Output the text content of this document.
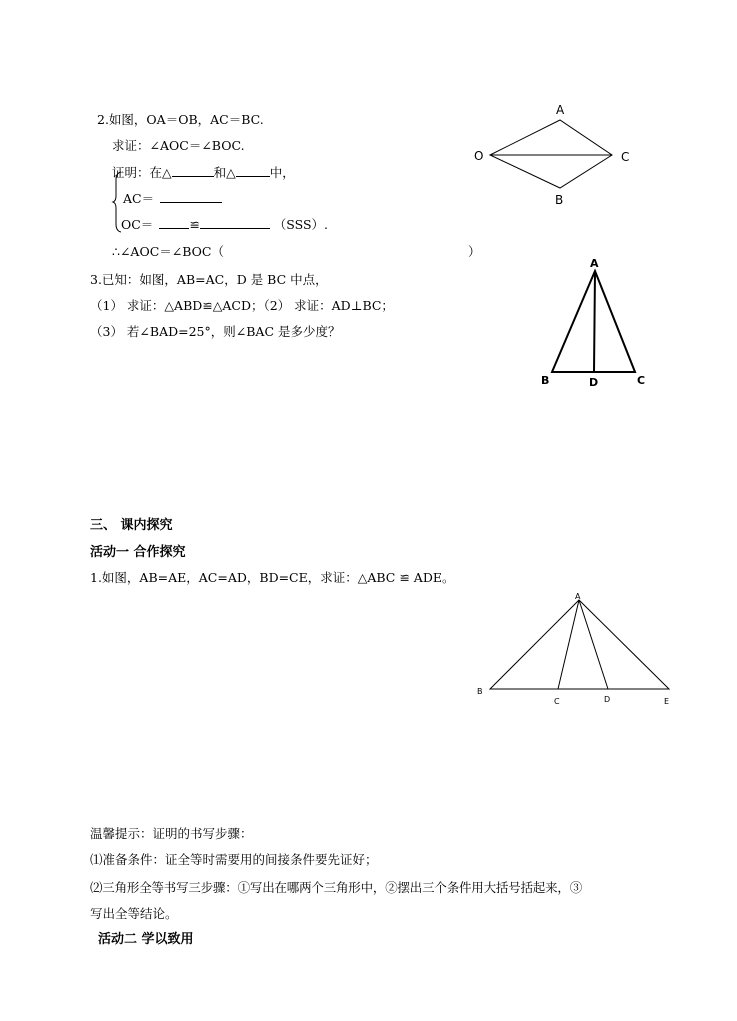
2.如图，OA＝OB，AC＝BC.
求证：∠AOC＝∠BOC.
证明：在△	和△	中，
AC＝
OC＝	≌	（SSS）.
∴∠AOC＝∠BOC（	）
A
O	C
B
3.已知：如图，AB=AC，D 是 BC 中点，
（1） 求证：△ABD≌△ACD；（2） 求证：AD⊥BC；
（3） 若∠BAD=25°，则∠BAC 是多少度？
A
B	D	C
三、 课内探究
活动一 合作探究
1.如图，AB=AE，AC=AD，BD=CE，求证：△ABC ≌ ADE。
A
B
C	D	E
温馨提示：证明的书写步骤：
⑴准备条件：证全等时需要用的间接条件要先证好；
⑵三角形全等书写三步骤：①写出在哪两个三角形中，②摆出三个条件用大括号括起来，③
写出全等结论。
活动二 学以致用
